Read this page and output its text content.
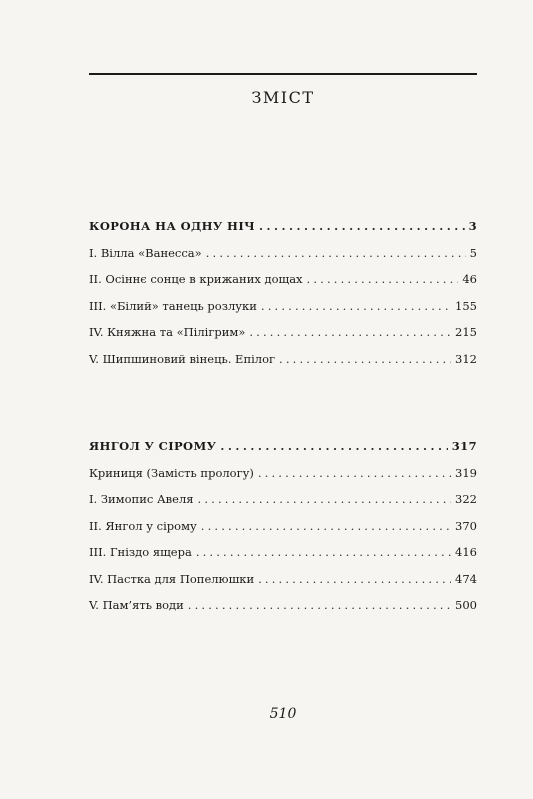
ЗМІСТ
КОРОНА НА ОДНУ НІЧ . . .	3
I. Вілла «Ванесса» . . .	5
II. Осіннє сонце в крижаних дощах . . .	46
III. «Білий» танець розлуки . . .	155
IV. Княжна та «Пілігрим» . . .	215
V. Шипшиновий вінець. Епілог . . .	312
ЯНГОЛ У СІРОМУ . . .	317
Криниця (Замість прологу) . . .	319
I. Зимопис Авеля . . .	322
II. Янгол у сірому . . .	370
III. Гніздо ящера . . .	416
IV. Пастка для Попелюшки . . .	474
V. Пам’ять води . . .	500
510
